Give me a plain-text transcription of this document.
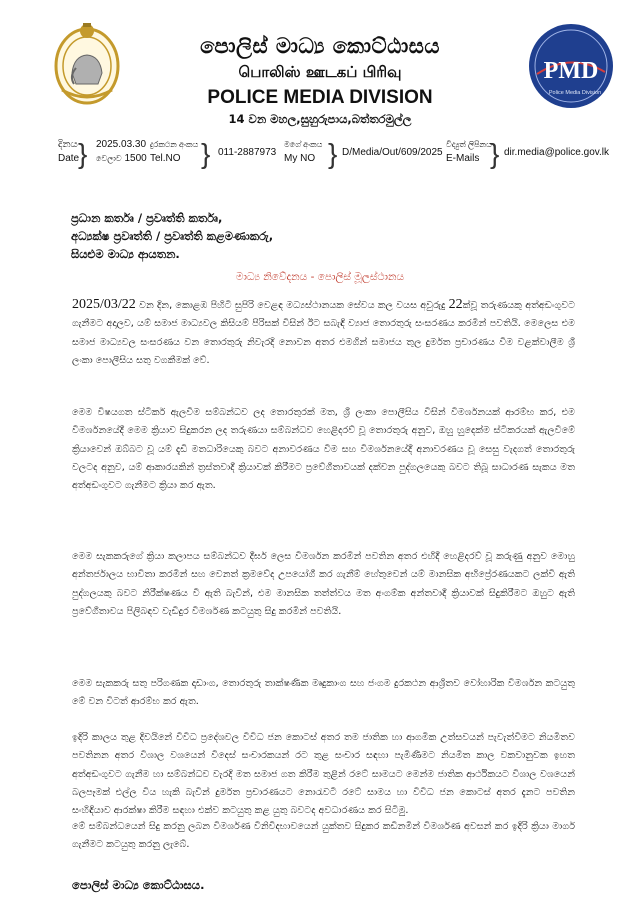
පොලිස් මාධ්‍ය කොට්ඨාසය
பொலிஸ் ஊடகப் பிரிவு
POLICE MEDIA DIVISION
14 වන මහල,සුහුරුපාය,බත්තරමුල්ල
PMD
Police Media Division
දිනය
Date
} 2025.03.30
වෙලාව 1500
දුරකථන අංකය
Tel.NO } 011-2887973
මගේ අංකය
My NO } D/Media/Out/609/2025
විද්‍යුත් ලිපිනය
E-Mails } dir.media@police.gov.lk
ප්‍රධාන කර්තෘ / ප්‍රවෘත්ති කර්තෘ,
අධ්‍යක්ෂ ප්‍රවෘත්ති / ප්‍රවෘත්ති කළමණාකරු,
සියළුම මාධ්‍ය ආයතන.
මාධ්‍ය නිවේදනය - පොලිස් මූලස්ථානය
2025/03/22 වන දින, කොළඹ පිහිටි සුපිරි වෙළඳ මධ්‍යස්ථානයක සේවය කල වයස අවුරුදු 22ක්වූ තරුණයකු අත්අඩංගුවට ගැනීමට අදාලව, යම් සමාජ මාධ්‍යවල කිසියම් පිරිසක් විසින් ඊට සබැඳි ව්‍යාජ තොරතුරු සංසරණය කරමින් පවතියි. මෙලෙස එම සමාජ මාධ්‍යවල සංසරණය වන තොරතුරු නිවැරදි නොවන අතර එමගින් සමාජය තුල දුර්මත ප්‍රචාරණය වීම වළක්වාලීම ශ්‍රී ලංකා පොලීසිය සතු වගකීමක් වේ.
මෙම විෂයගත ස්ටිකර් ඇලවීම සම්බන්ධව ලද තොරතුරක් මත, ශ්‍රී ලංකා පොලීසිය විසින් විමර්ශනයක් ආරම්භ කර, එම විමර්ශනයේදී මෙම ක්‍රියාව සිදුකරන ලද තරුණයා සම්බන්ධව හෙළිදරව් වූ තොරතුරු අනුව, ඔහු හුදෙක්ම ස්ටිකරයක් ඇලවීමේ ක්‍රියාවෙන් ඔබ්බට වූ යම් දැඩි මතධාරියෙකු බවට අනාවරණය වීම සහ විමර්ශනයේදී අනාවරණය වූ සෙසු වැදගත් තොරතුරු වලටද අනුව, යම් ආකාරයකින් ත්‍රස්තවාදී ක්‍රියාවක් කිරීමට ප්‍රවේගීතාවයක් දක්වන පුද්ගලයෙකු බවට තිබූ සාධාරණ සැකය මත අත්අඩංගුවට ගැනීමට ක්‍රියා කර ඇත.
මෙම සැකකරුගේ ක්‍රියා කලාපය සම්බන්ධව දීර්ඝ ලෙස විමර්ශන කරමින් පවතින අතර එහිදී හෙළිදරව් වූ කරුණු අනුව මොහු අන්තර්ජාලය භාවිතා කරමින් සහ වෙනත් ක්‍රමවේද උපයෝගී කර ගැනීම් හේතුවෙන් යම් මානසික අභිප්‍රේරණයකට ලක්වී ඇති පුද්ගලයකු බවට නිරීක්ෂණය වී ඇති බැවින්, එම මානසික තත්ත්වය මත අංගම්ක අන්තවාදී ක්‍රියාවක් සිදුකිරීමට ඔහුට ඇති ප්‍රවේගීතාවය පිලිබඳව වැඩිදුර විමර්ශණ කටයුතු සිදු කරමින් පවතියි.
මෙම සැකකරු සතු පරිගණක දෘඩාංග, තොරතුරු තාක්ෂණික මෘදුකාංග සහ ජංගම දුරකථන ආශ්‍රිතව වෝහාරික විමර්ශන කටයුතු මේ වන විටත් ආරම්භ කර ඇත.
ඉදිරි කාලය තුළ දිවයිනේ විවිධ ප්‍රදේශවල විවිධ ජන කොටස් අතර තම ජාතික හා ආගමික උත්සවයන් පැවැත්වීමට නියමිතව පවතිනන අතර විශාල වශයෙන් විදෙස් සංචාරකයන් රට තුළ සංචාර සඳහා පැමිණීමට නියමිත කාල වකවානුවක ඉහත අත්අඩංගුවට ගැනීම හා සම්බන්ධව වැරදි මත සමාජ ගත කිරීම තුළින් රටේ සාමයට මෙන්ම ජාතික ආර්ථිකයට විශාල වශයෙන් බලපෑමක් එල්ල විය හැකි බැවින් දුර්මත ප්‍රචාරණයට නොරැවටී රටේ සාමය හා විවිධ ජන කොටස් අතර දැනට පවතින සංහිඳියාව ආරක්ෂා කිරීම සඳහා එක්ව කටයුතු කළ යුතු බවටද අවධාරණය කර සිටිමු.
මේ සම්බන්ධයෙන් සිදු කරනු ලබන විමර්ශණ විනිවිදභාවයෙන් යුක්තව සිදුකර කඩිනමින් විමර්ශණ අවසන් කර ඉදිරි ක්‍රියා මාර්ග ගැනීමට කටයුතු කරනු ලැබේ.
පොලිස් මාධ්‍ය කොට්ඨාසය.
